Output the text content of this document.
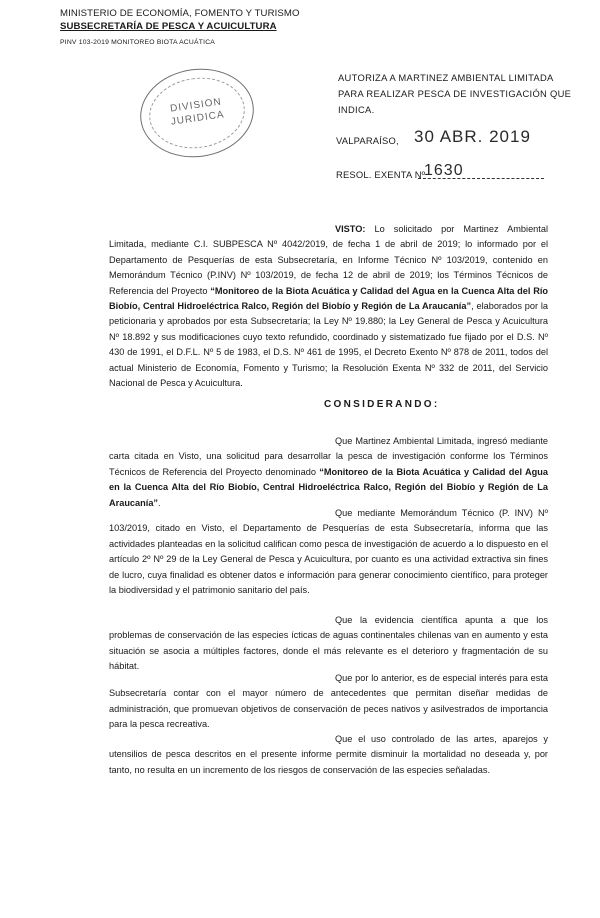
MINISTERIO DE ECONOMÍA, FOMENTO Y TURISMO
SUBSECRETARÍA DE PESCA Y ACUICULTURA
PINV 103-2019 MONITOREO BIOTA ACUÁTICA
DIVISION
JURIDICA
AUTORIZA A MARTINEZ AMBIENTAL LIMITADA PARA REALIZAR PESCA DE INVESTIGACIÓN QUE INDICA.
VALPARAÍSO, 30 ABR. 2019
RESOL. EXENTA Nº
1630
VISTO: Lo solicitado por Martinez Ambiental Limitada, mediante C.I. SUBPESCA Nº 4042/2019, de fecha 1 de abril de 2019; lo informado por el Departamento de Pesquerías de esta Subsecretaría, en Informe Técnico Nº 103/2019, contenido en Memorándum Técnico (P.INV) Nº 103/2019, de fecha 12 de abril de 2019; los Términos Técnicos de Referencia del Proyecto “Monitoreo de la Biota Acuática y Calidad del Agua en la Cuenca Alta del Río Biobío, Central Hidroeléctrica Ralco, Región del Biobío y Región de La Araucanía”, elaborados por la peticionaria y aprobados por esta Subsecretaría; la Ley Nº 19.880; la Ley General de Pesca y Acuicultura Nº 18.892 y sus modificaciones cuyo texto refundido, coordinado y sistematizado fue fijado por el D.S. Nº 430 de 1991, el D.F.L. Nº 5 de 1983, el D.S. Nº 461 de 1995, el Decreto Exento Nº 878 de 2011, todos del actual Ministerio de Economía, Fomento y Turismo; la Resolución Exenta Nº 332 de 2011, del Servicio Nacional de Pesca y Acuicultura.
CONSIDERANDO:
Que Martinez Ambiental Limitada, ingresó mediante carta citada en Visto, una solicitud para desarrollar la pesca de investigación conforme los Términos Técnicos de Referencia del Proyecto denominado “Monitoreo de la Biota Acuática y Calidad del Agua en la Cuenca Alta del Río Biobío, Central Hidroeléctrica Ralco, Región del Biobío y Región de La Araucanía”.
Que mediante Memorándum Técnico (P. INV) Nº 103/2019, citado en Visto, el Departamento de Pesquerías de esta Subsecretaría, informa que las actividades planteadas en la solicitud califican como pesca de investigación de acuerdo a lo dispuesto en el artículo 2º Nº 29 de la Ley General de Pesca y Acuicultura, por cuanto es una actividad extractiva sin fines de lucro, cuya finalidad es obtener datos e información para generar conocimiento científico, para proteger la biodiversidad y el patrimonio sanitario del país.
Que la evidencia científica apunta a que los problemas de conservación de las especies ícticas de aguas continentales chilenas van en aumento y esta situación se asocia a múltiples factores, donde el más relevante es el deterioro y fragmentación de su hábitat.
Que por lo anterior, es de especial interés para esta Subsecretaría contar con el mayor número de antecedentes que permitan diseñar medidas de administración, que promuevan objetivos de conservación de peces nativos y asilvestrados de importancia para la pesca recreativa.
Que el uso controlado de las artes, aparejos y utensilios de pesca descritos en el presente informe permite disminuir la mortalidad no deseada y, por tanto, no resulta en un incremento de los riesgos de conservación de las especies señaladas.
